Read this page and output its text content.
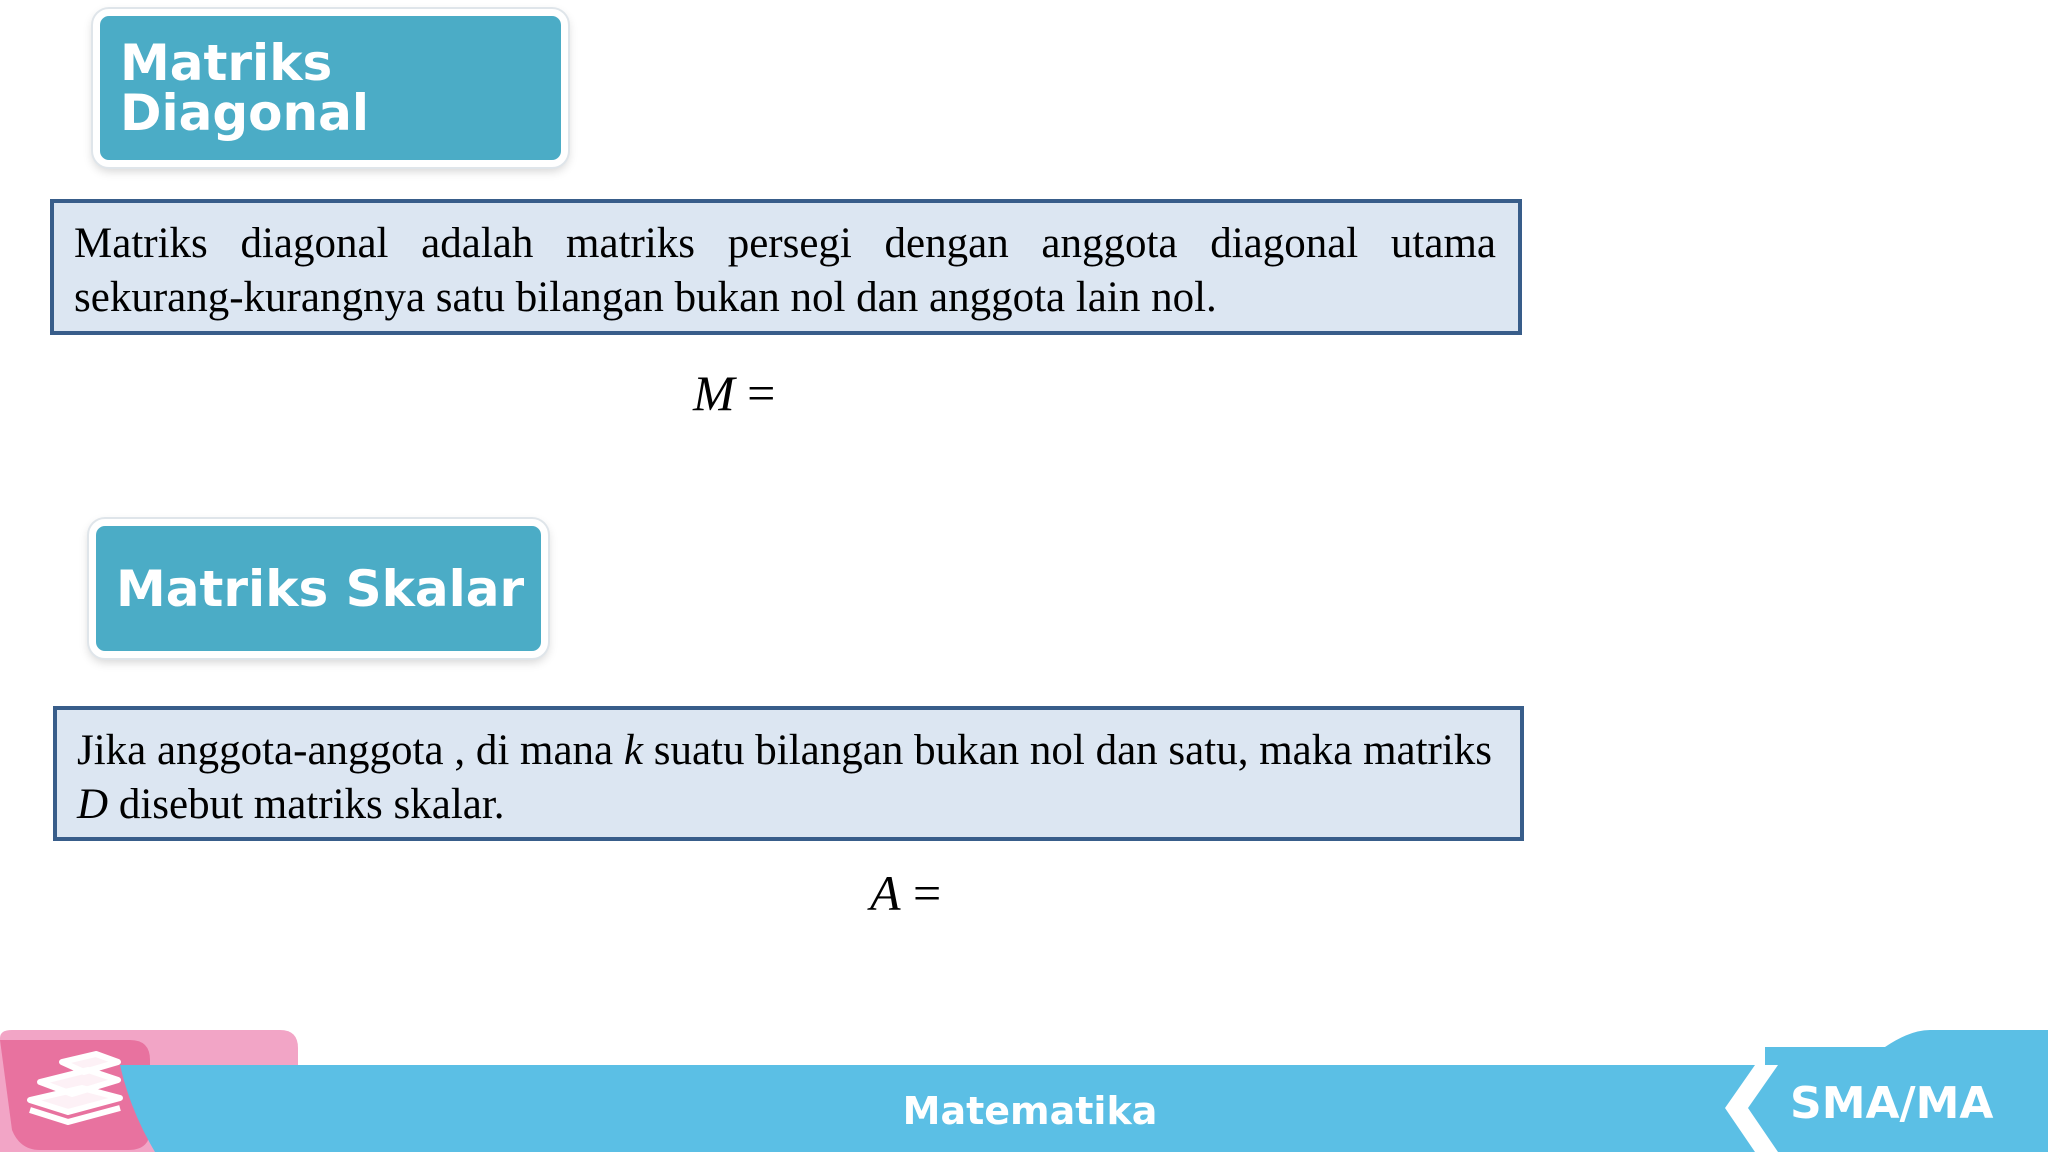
Matriks Diagonal
Matriks diagonal adalah matriks persegi dengan anggota diagonal utama sekurang-kurangnya satu bilangan bukan nol dan anggota lain nol.
M =
Matriks Skalar
Jika anggota-anggota , di mana k suatu bilangan bukan nol dan satu, maka matriks D disebut matriks skalar.
A =
Matematika	SMA/MA
